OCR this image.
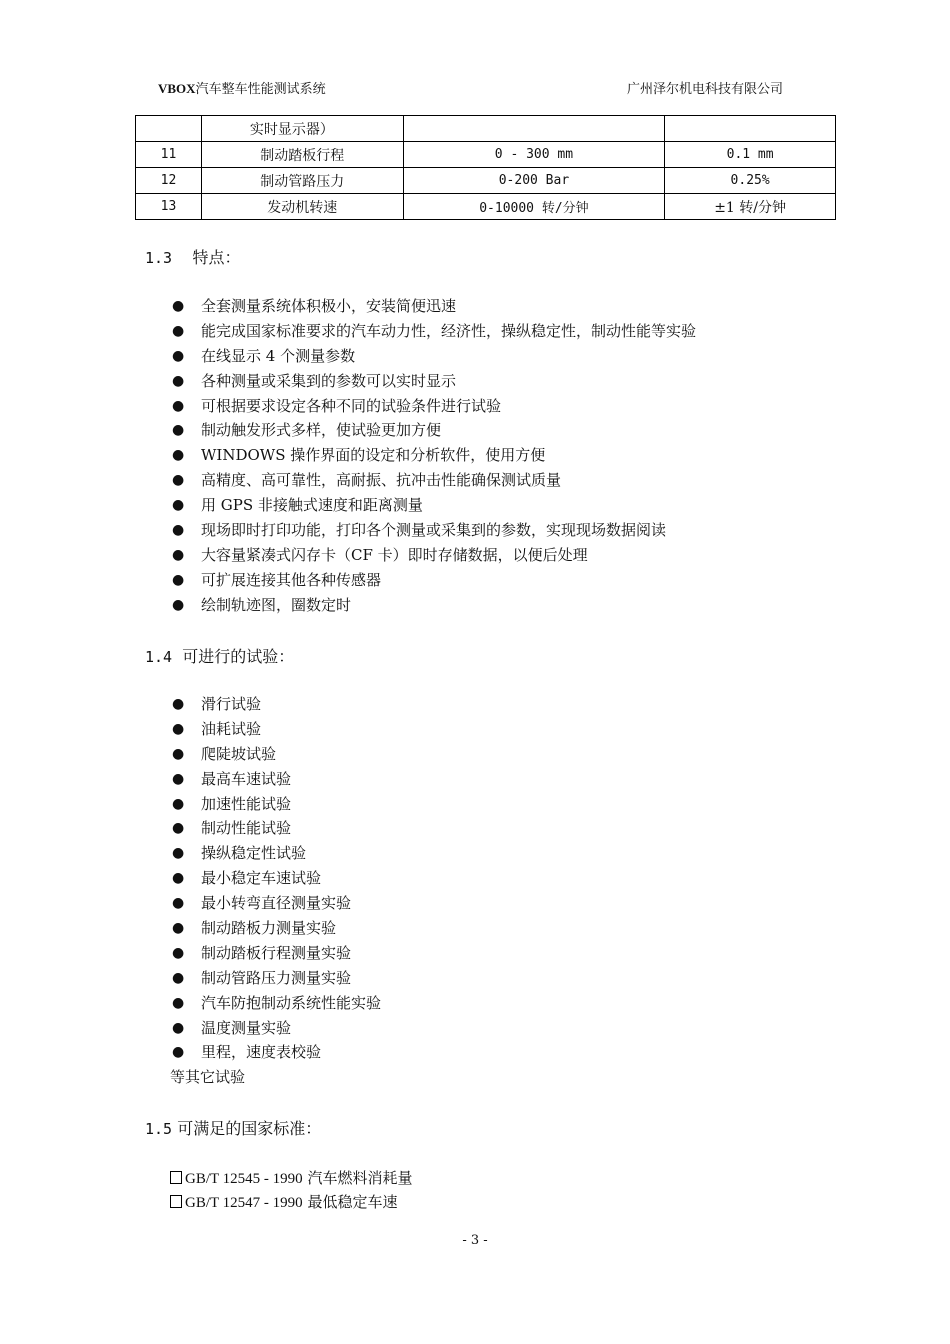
VBOX汽车整车性能测试系统	广州泽尔机电科技有限公司
	实时显示器）		
11	制动踏板行程	0 - 300 mm	0.1 mm
12	制动管路压力	0-200 Bar	0.25%
13	发动机转速	0-10000 转/分钟	±1 转/分钟
1.3 特点：
● 全套测量系统体积极小，安装简便迅速
● 能完成国家标准要求的汽车动力性，经济性，操纵稳定性，制动性能等实验
● 在线显示 4 个测量参数
● 各种测量或采集到的参数可以实时显示
● 可根据要求设定各种不同的试验条件进行试验
● 制动触发形式多样，使试验更加方便
● WINDOWS 操作界面的设定和分析软件，使用方便
● 高精度、高可靠性，高耐振、抗冲击性能确保测试质量
● 用 GPS 非接触式速度和距离测量
● 现场即时打印功能，打印各个测量或采集到的参数，实现现场数据阅读
● 大容量紧凑式闪存卡（CF 卡）即时存储数据，以便后处理
● 可扩展连接其他各种传感器
● 绘制轨迹图，圈数定时
1.4 可进行的试验：
● 滑行试验
● 油耗试验
● 爬陡坡试验
● 最高车速试验
● 加速性能试验
● 制动性能试验
● 操纵稳定性试验
● 最小稳定车速试验
● 最小转弯直径测量实验
● 制动踏板力测量实验
● 制动踏板行程测量实验
● 制动管路压力测量实验
● 汽车防抱制动系统性能实验
● 温度测量实验
● 里程，速度表校验
等其它试验
1.5 可满足的国家标准：
GB/T 12545 - 1990 汽车燃料消耗量
GB/T 12547 - 1990 最低稳定车速
- 3 -
